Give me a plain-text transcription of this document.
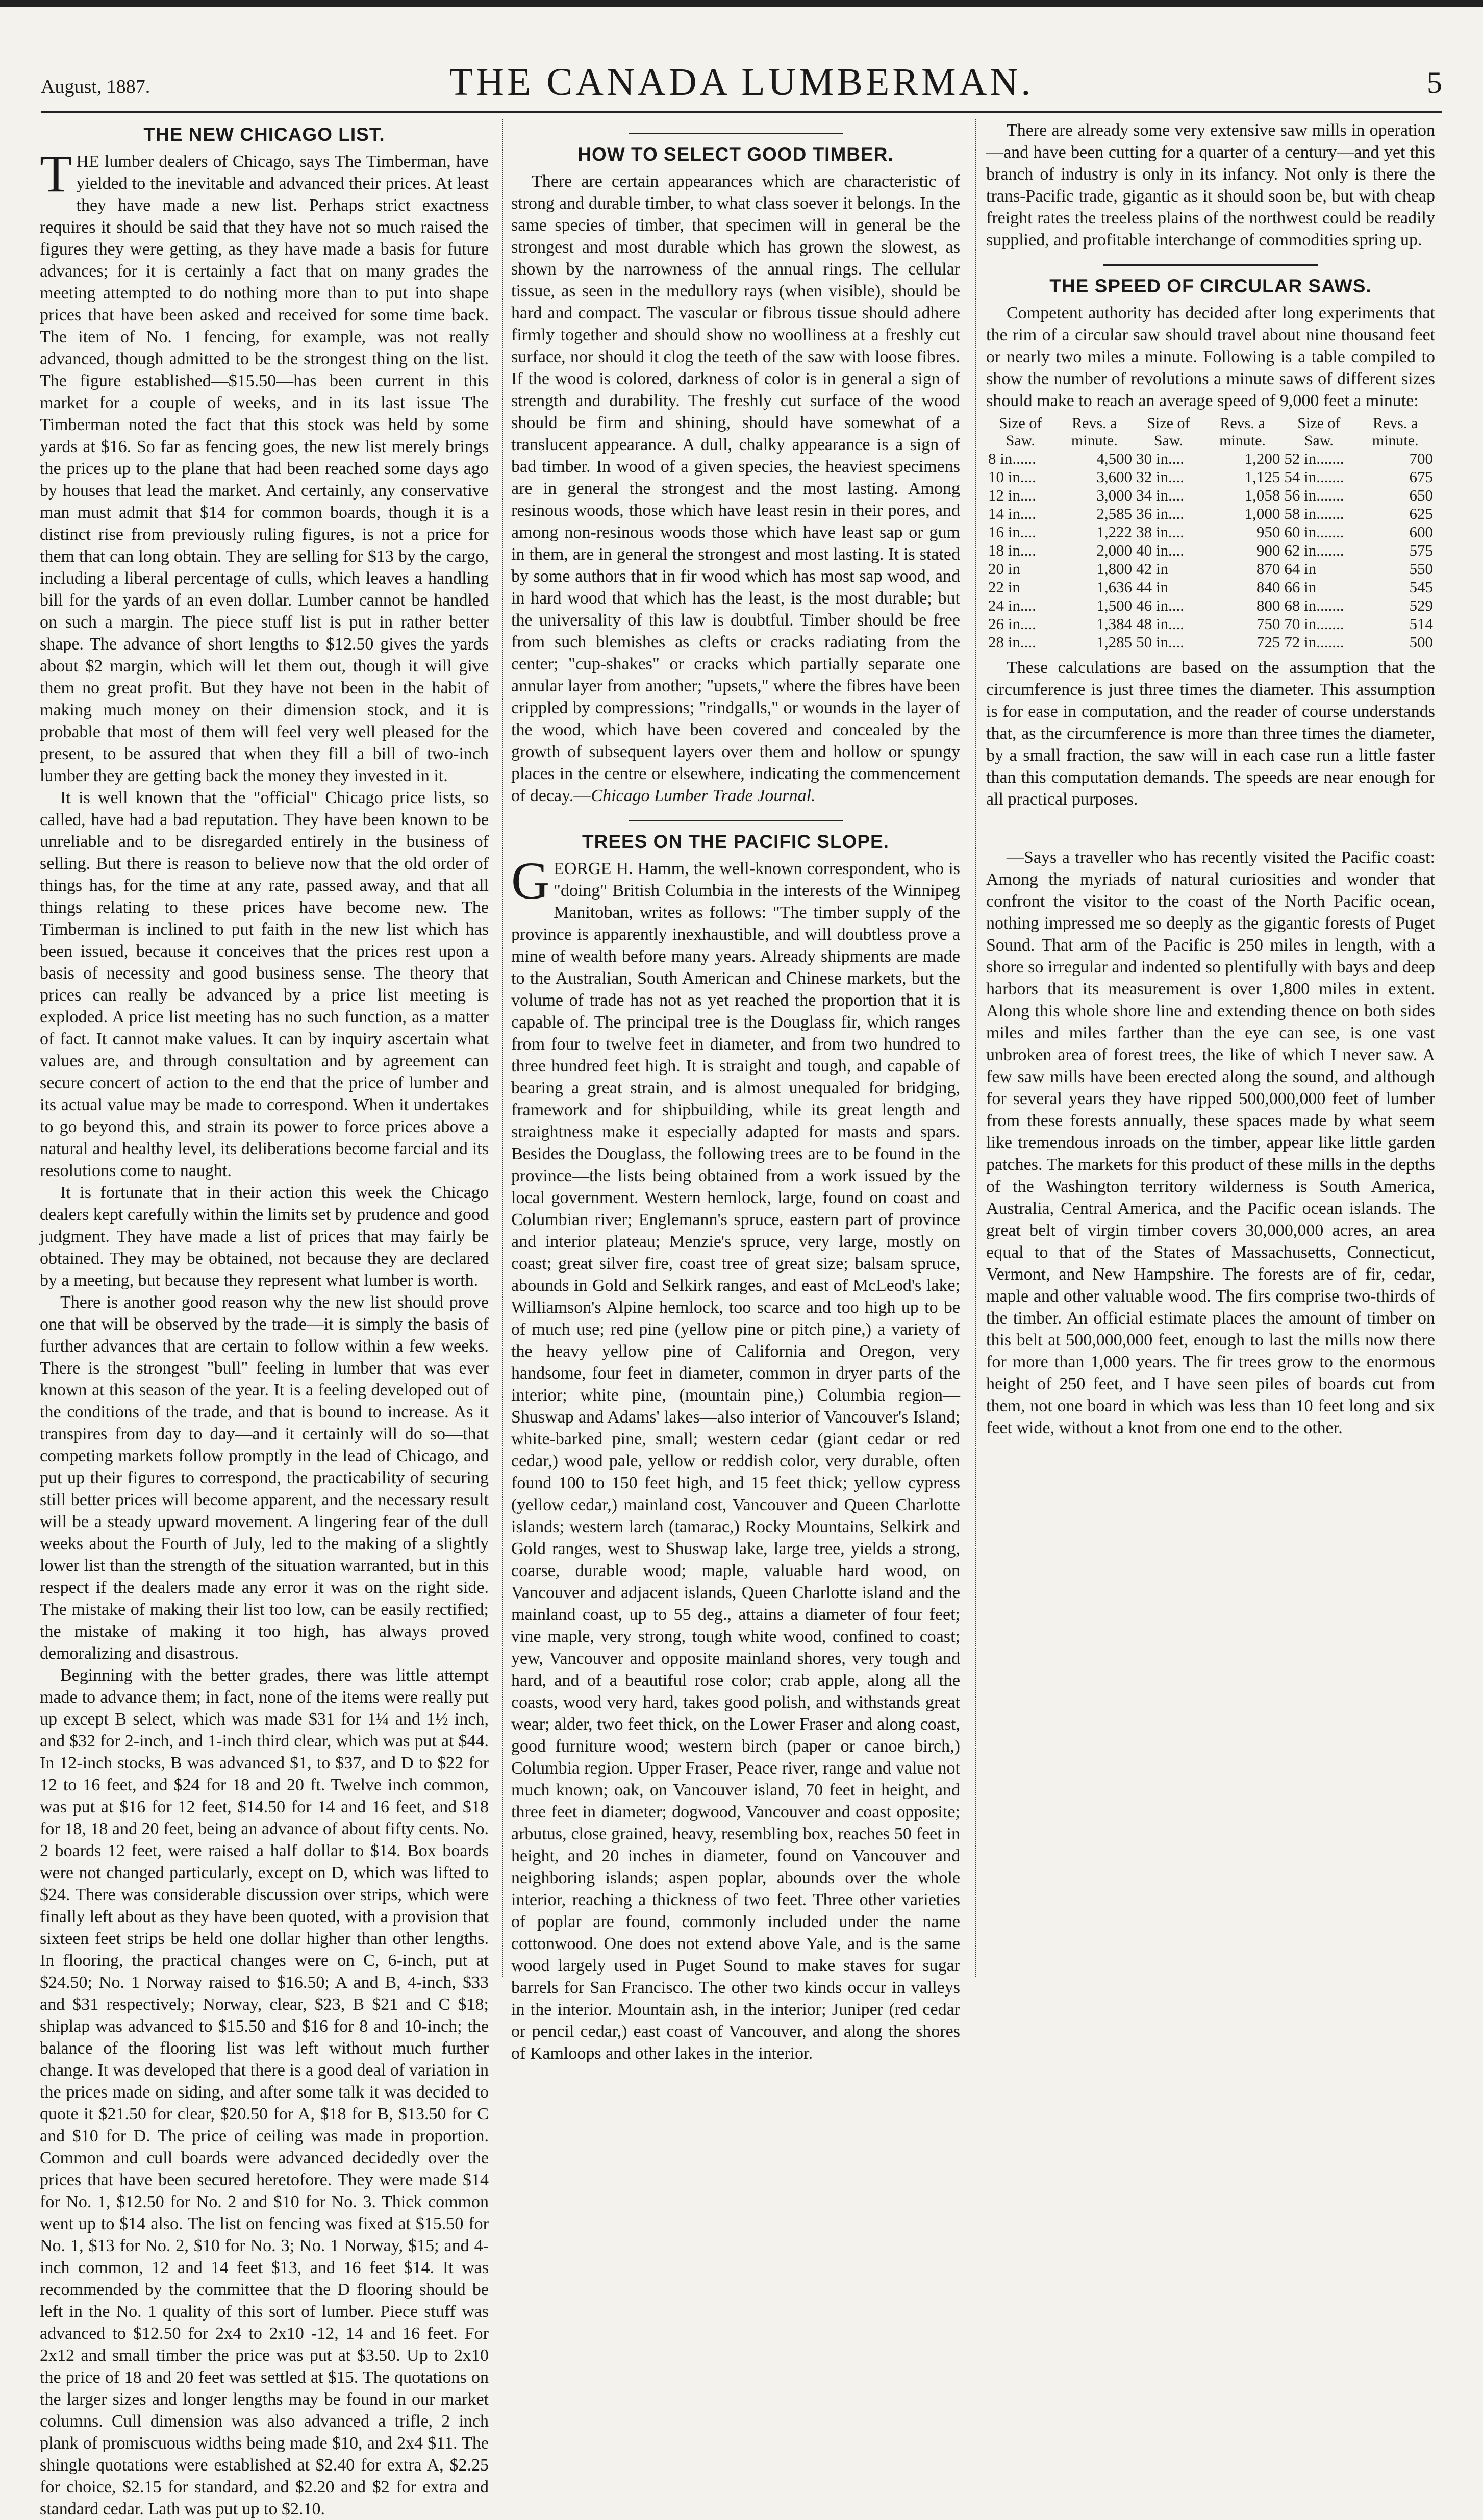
August, 1887.	THE CANADA LUMBERMAN.	5
THE NEW CHICAGO LIST.

THE lumber dealers of Chicago, says The Timberman, have yielded to the inevitable and advanced their prices. At least they have made a new list. Perhaps strict exactness requires it should be said that they have not so much raised the figures they were getting, as they have made a basis for future advances; for it is certainly a fact that on many grades the meeting attempted to do nothing more than to put into shape prices that have been asked and received for some time back. The item of No. 1 fencing, for example, was not really advanced, though admitted to be the strongest thing on the list. The figure established—$15.50—has been current in this market for a couple of weeks, and in its last issue The Timberman noted the fact that this stock was held by some yards at $16. So far as fencing goes, the new list merely brings the prices up to the plane that had been reached some days ago by houses that lead the market. And certainly, any conservative man must admit that $14 for common boards, though it is a distinct rise from previously ruling figures, is not a price for them that can long obtain. They are selling for $13 by the cargo, including a liberal percentage of culls, which leaves a handling bill for the yards of an even dollar. Lumber cannot be handled on such a margin. The piece stuff list is put in rather better shape. The advance of short lengths to $12.50 gives the yards about $2 margin, which will let them out, though it will give them no great profit. But they have not been in the habit of making much money on their dimension stock, and it is probable that most of them will feel very well pleased for the present, to be assured that when they fill a bill of two-inch lumber they are getting back the money they invested in it.

It is well known that the "official" Chicago price lists, so called, have had a bad reputation. They have been known to be unreliable and to be disregarded entirely in the business of selling. But there is reason to believe now that the old order of things has, for the time at any rate, passed away, and that all things relating to these prices have become new. The Timberman is inclined to put faith in the new list which has been issued, because it conceives that the prices rest upon a basis of necessity and good business sense. The theory that prices can really be advanced by a price list meeting is exploded. A price list meeting has no such function, as a matter of fact. It cannot make values. It can by inquiry ascertain what values are, and through consultation and by agreement can secure concert of action to the end that the price of lumber and its actual value may be made to correspond. When it undertakes to go beyond this, and strain its power to force prices above a natural and healthy level, its deliberations become farcial and its resolutions come to naught.

It is fortunate that in their action this week the Chicago dealers kept carefully within the limits set by prudence and good judgment. They have made a list of prices that may fairly be obtained. They may be obtained, not because they are declared by a meeting, but because they represent what lumber is worth.

There is another good reason why the new list should prove one that will be observed by the trade—it is simply the basis of further advances that are certain to follow within a few weeks. There is the strongest "bull" feeling in lumber that was ever known at this season of the year. It is a feeling developed out of the conditions of the trade, and that is bound to increase. As it transpires from day to day—and it certainly will do so—that competing markets follow promptly in the lead of Chicago, and put up their figures to correspond, the practicability of securing still better prices will become apparent, and the necessary result will be a steady upward movement. A lingering fear of the dull weeks about the Fourth of July, led to the making of a slightly lower list than the strength of the situation warranted, but in this respect if the dealers made any error it was on the right side. The mistake of making their list too low, can be easily rectified; the mistake of making it too high, has always proved demoralizing and disastrous.

Beginning with the better grades, there was little attempt made to advance them; in fact, none of the items were really put up except B select, which was made $31 for 1¼ and 1½ inch, and $32 for 2-inch, and 1-inch third clear, which was put at $44. In 12-inch stocks, B was advanced $1, to $37, and D to $22 for 12 to 16 feet, and $24 for 18 and 20 ft. Twelve inch common, was put at $16 for 12 feet, $14.50 for 14 and 16 feet, and $18 for 18, 18 and 20 feet, being an advance of about fifty cents. No. 2 boards 12 feet, were raised a half dollar to $14. Box boards were not changed particularly, except on D, which was lifted to $24. There was considerable discussion over strips, which were finally left about as they have been quoted, with a provision that sixteen feet strips be held one dollar higher than other lengths. In flooring, the practical changes were on C, 6-inch, put at $24.50; No. 1 Norway raised to $16.50; A and B, 4-inch, $33 and $31 respectively; Norway, clear, $23, B $21 and C $18; shiplap was advanced to $15.50 and $16 for 8 and 10-inch; the balance of the flooring list was left without much further change. It was developed that there is a good deal of variation in the prices made on siding, and after some talk it was decided to quote it $21.50 for clear, $20.50 for A, $18 for B, $13.50 for C and $10 for D. The price of ceiling was made in proportion. Common and cull boards were advanced decidedly over the prices that have been secured heretofore. They were made $14 for No. 1, $12.50 for No. 2 and $10 for No. 3. Thick common went up to $14 also. The list on fencing was fixed at $15.50 for No. 1, $13 for No. 2, $10 for No. 3; No. 1 Norway, $15; and 4-inch common, 12 and 14 feet $13, and 16 feet $14. It was recommended by the committee that the D flooring should be left in the No. 1 quality of this sort of lumber. Piece stuff was advanced to $12.50 for 2x4 to 2x10 -12, 14 and 16 feet. For 2x12 and small timber the price was put at $3.50. Up to 2x10 the price of 18 and 20 feet was settled at $15. The quotations on the larger sizes and longer lengths may be found in our market columns. Cull dimension was also advanced a trifle, 2 inch plank of promiscuous widths being made $10, and 2x4 $11. The shingle quotations were established at $2.40 for extra A, $2.25 for choice, $2.15 for standard, and $2.20 and $2 for extra and standard cedar. Lath was put up to $2.10.

HOW TO SELECT GOOD TIMBER.

There are certain appearances which are characteristic of strong and durable timber, to what class soever it belongs. In the same species of timber, that specimen will in general be the strongest and most durable which has grown the slowest, as shown by the narrowness of the annual rings. The cellular tissue, as seen in the medullory rays (when visible), should be hard and compact. The vascular or fibrous tissue should adhere firmly together and should show no woolliness at a freshly cut surface, nor should it clog the teeth of the saw with loose fibres. If the wood is colored, darkness of color is in general a sign of strength and durability. The freshly cut surface of the wood should be firm and shining, should have somewhat of a translucent appearance. A dull, chalky appearance is a sign of bad timber. In wood of a given species, the heaviest specimens are in general the strongest and the most lasting. Among resinous woods, those which have least resin in their pores, and among non-resinous woods those which have least sap or gum in them, are in general the strongest and most lasting. It is stated by some authors that in fir wood which has most sap wood, and in hard wood that which has the least, is the most durable; but the universality of this law is doubtful. Timber should be free from such blemishes as clefts or cracks radiating from the center; "cup-shakes" or cracks which partially separate one annular layer from another; "upsets," where the fibres have been crippled by compressions; "rindgalls," or wounds in the layer of the wood, which have been covered and concealed by the growth of subsequent layers over them and hollow or spungy places in the centre or elsewhere, indicating the commencement of decay.—Chicago Lumber Trade Journal.

TREES ON THE PACIFIC SLOPE.

GEORGE H. Hamm, the well-known correspondent, who is "doing" British Columbia in the interests of the Winnipeg Manitoban, writes as follows: "The timber supply of the province is apparently inexhaustible, and will doubtless prove a mine of wealth before many years. Already shipments are made to the Australian, South American and Chinese markets, but the volume of trade has not as yet reached the proportion that it is capable of. The principal tree is the Douglass fir, which ranges from four to twelve feet in diameter, and from two hundred to three hundred feet high. It is straight and tough, and capable of bearing a great strain, and is almost unequaled for bridging, framework and for shipbuilding, while its great length and straightness make it especially adapted for masts and spars. Besides the Douglass, the following trees are to be found in the province—the lists being obtained from a work issued by the local government. Western hemlock, large, found on coast and Columbian river; Englemann's spruce, eastern part of province and interior plateau; Menzie's spruce, very large, mostly on coast; great silver fire, coast tree of great size; balsam spruce, abounds in Gold and Selkirk ranges, and east of McLeod's lake; Williamson's Alpine hemlock, too scarce and too high up to be of much use; red pine (yellow pine or pitch pine,) a variety of the heavy yellow pine of California and Oregon, very handsome, four feet in diameter, common in dryer parts of the interior; white pine, (mountain pine,) Columbia region—Shuswap and Adams' lakes—also interior of Vancouver's Island; white-barked pine, small; western cedar (giant cedar or red cedar,) wood pale, yellow or reddish color, very durable, often found 100 to 150 feet high, and 15 feet thick; yellow cypress (yellow cedar,) mainland cost, Vancouver and Queen Charlotte islands; western larch (tamarac,) Rocky Mountains, Selkirk and Gold ranges, west to Shuswap lake, large tree, yields a strong, coarse, durable wood; maple, valuable hard wood, on Vancouver and adjacent islands, Queen Charlotte island and the mainland coast, up to 55 deg., attains a diameter of four feet; vine maple, very strong, tough white wood, confined to coast; yew, Vancouver and opposite mainland shores, very tough and hard, and of a beautiful rose color; crab apple, along all the coasts, wood very hard, takes good polish, and withstands great wear; alder, two feet thick, on the Lower Fraser and along coast, good furniture wood; western birch (paper or canoe birch,) Columbia region. Upper Fraser, Peace river, range and value not much known; oak, on Vancouver island, 70 feet in height, and three feet in diameter; dogwood, Vancouver and coast opposite; arbutus, close grained, heavy, resembling box, reaches 50 feet in height, and 20 inches in diameter, found on Vancouver and neighboring islands; aspen poplar, abounds over the whole interior, reaching a thickness of two feet. Three other varieties of poplar are found, commonly included under the name cottonwood. One does not extend above Yale, and is the same wood largely used in Puget Sound to make staves for sugar barrels for San Francisco. The other two kinds occur in valleys in the interior. Mountain ash, in the interior; Juniper (red cedar or pencil cedar,) east coast of Vancouver, and along the shores of Kamloops and other lakes in the interior.

There are already some very extensive saw mills in operation—and have been cutting for a quarter of a century—and yet this branch of industry is only in its infancy. Not only is there the trans-Pacific trade, gigantic as it should soon be, but with cheap freight rates the treeless plains of the northwest could be readily supplied, and profitable interchange of commodities spring up.

THE SPEED OF CIRCULAR SAWS.

Competent authority has decided after long experiments that the rim of a circular saw should travel about nine thousand feet or nearly two miles a minute. Following is a table compiled to show the number of revolutions a minute saws of different sizes should make to reach an average speed of 9,000 feet a minute:

Size of Saw.	Revs. a minute.	Size of Saw.	Revs. a minute.	Size of Saw.	Revs. a minute.
8 in......	4,500	30 in....	1,200	52 in.......	700
10 in....	3,600	32 in....	1,125	54 in.......	675
12 in....	3,000	34 in....	1,058	56 in.......	650
14 in....	2,585	36 in....	1,000	58 in.......	625
16 in....	1,222	38 in....	950	60 in.......	600
18 in....	2,000	40 in....	900	62 in.......	575
20 in	1,800	42 in	870	64 in	550
22 in	1,636	44 in	840	66 in	545
24 in....	1,500	46 in....	800	68 in.......	529
26 in....	1,384	48 in....	750	70 in.......	514
28 in....	1,285	50 in....	725	72 in.......	500

These calculations are based on the assumption that the circumference is just three times the diameter. This assumption is for ease in computation, and the reader of course understands that, as the circumference is more than three times the diameter, by a small fraction, the saw will in each case run a little faster than this computation demands. The speeds are near enough for all practical purposes.

—Says a traveller who has recently visited the Pacific coast: Among the myriads of natural curiosities and wonder that confront the visitor to the coast of the North Pacific ocean, nothing impressed me so deeply as the gigantic forests of Puget Sound. That arm of the Pacific is 250 miles in length, with a shore so irregular and indented so plentifully with bays and deep harbors that its measurement is over 1,800 miles in extent. Along this whole shore line and extending thence on both sides miles and miles farther than the eye can see, is one vast unbroken area of forest trees, the like of which I never saw. A few saw mills have been erected along the sound, and although for several years they have ripped 500,000,000 feet of lumber from these forests annually, these spaces made by what seem like tremendous inroads on the timber, appear like little garden patches. The markets for this product of these mills in the depths of the Washington territory wilderness is South America, Australia, Central America, and the Pacific ocean islands. The great belt of virgin timber covers 30,000,000 acres, an area equal to that of the States of Massachusetts, Connecticut, Vermont, and New Hampshire. The forests are of fir, cedar, maple and other valuable wood. The firs comprise two-thirds of the timber. An official estimate places the amount of timber on this belt at 500,000,000 feet, enough to last the mills now there for more than 1,000 years. The fir trees grow to the enormous height of 250 feet, and I have seen piles of boards cut from them, not one board in which was less than 10 feet long and six feet wide, without a knot from one end to the other.
